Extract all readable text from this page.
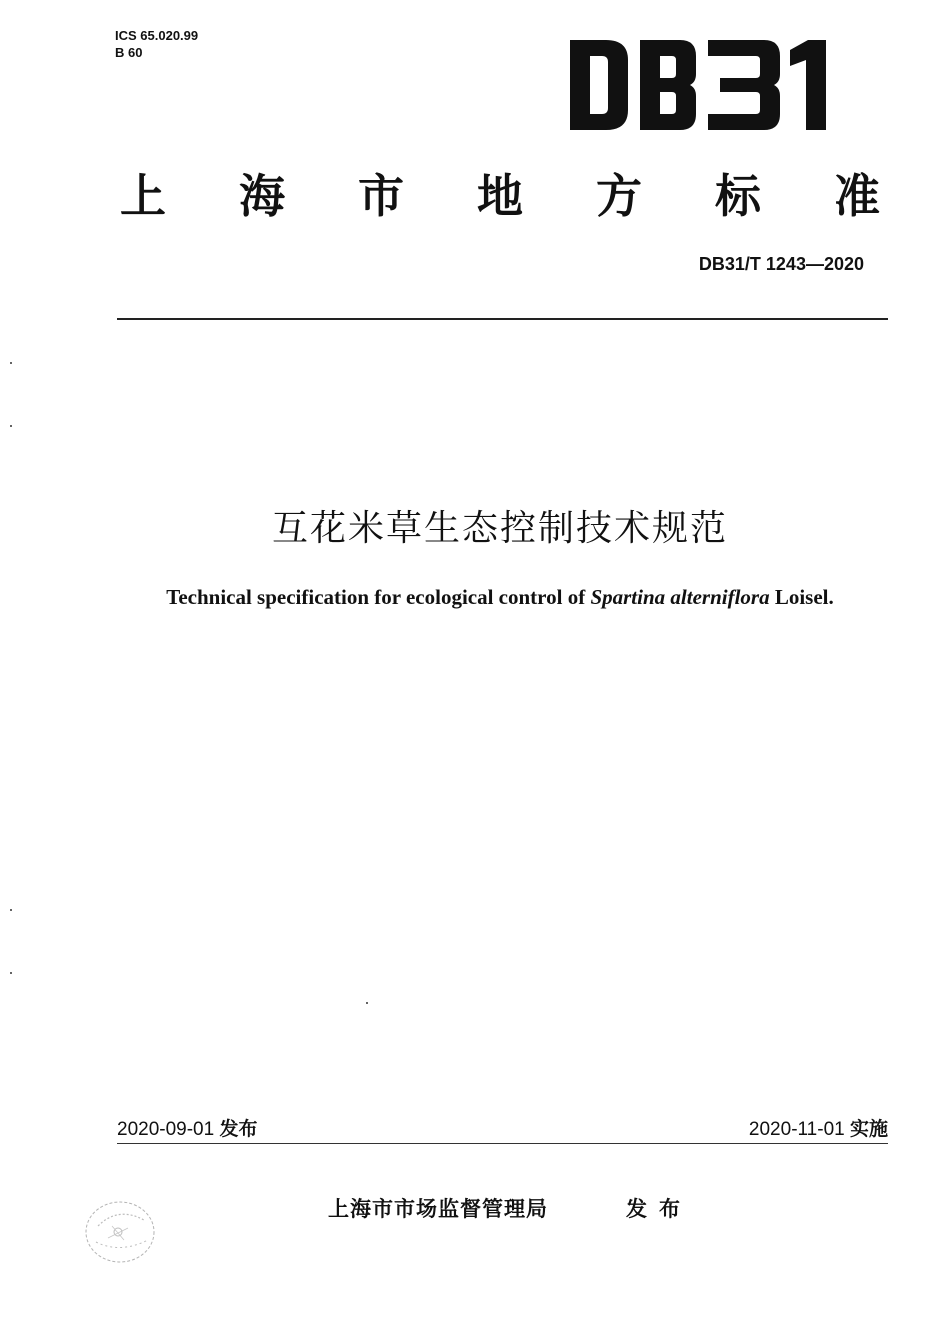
ICS 65.020.99
B 60
上 海 市 地 方 标 准
DB31/T 1243—2020
互花米草生态控制技术规范
Technical specification for ecological control of Spartina alterniflora Loisel.
2020-09-01 发布	2020-11-01 实施
上海市市场监督管理局	发布
